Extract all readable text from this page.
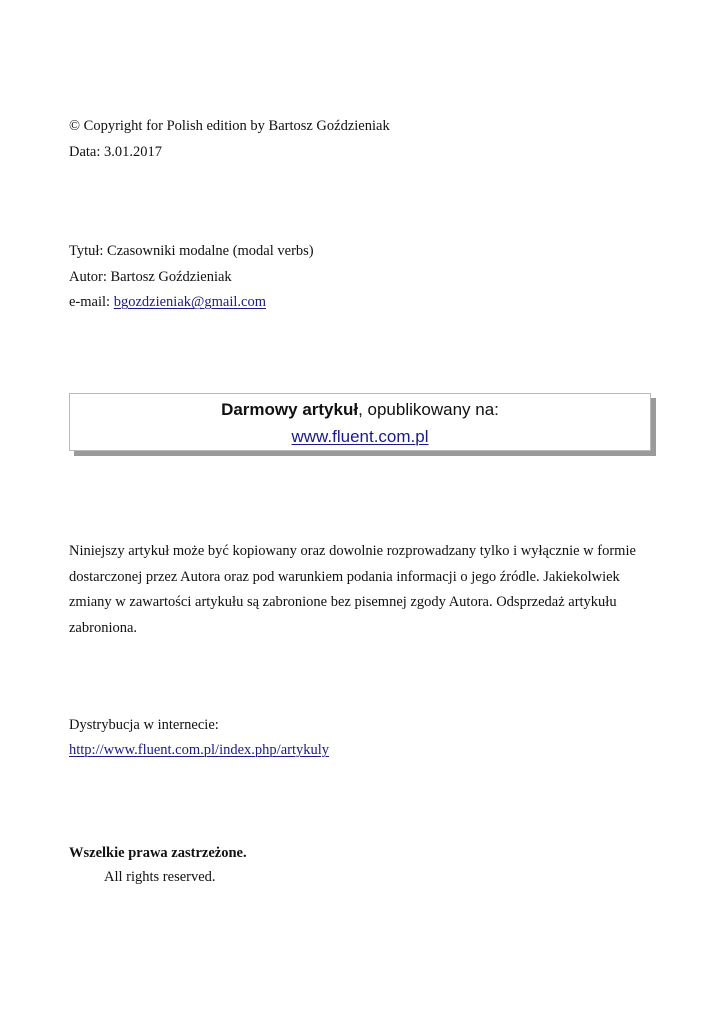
© Copyright for Polish edition by Bartosz Goździeniak
Data: 3.01.2017
Tytuł: Czasowniki modalne (modal verbs)
Autor: Bartosz Goździeniak
e-mail: bgozdzieniak@gmail.com
Darmowy artykuł, opublikowany na:
www.fluent.com.pl
Niniejszy artykuł może być kopiowany oraz dowolnie rozprowadzany tylko i wyłącznie w formie
dostarczonej przez Autora oraz pod warunkiem podania informacji o jego źródle. Jakiekolwiek
zmiany w zawartości artykułu są zabronione bez pisemnej zgody Autora. Odsprzedaż artykułu
zabroniona.
Dystrybucja w internecie:
http://www.fluent.com.pl/index.php/artykuly
Wszelkie prawa zastrzeżone.
All rights reserved.
